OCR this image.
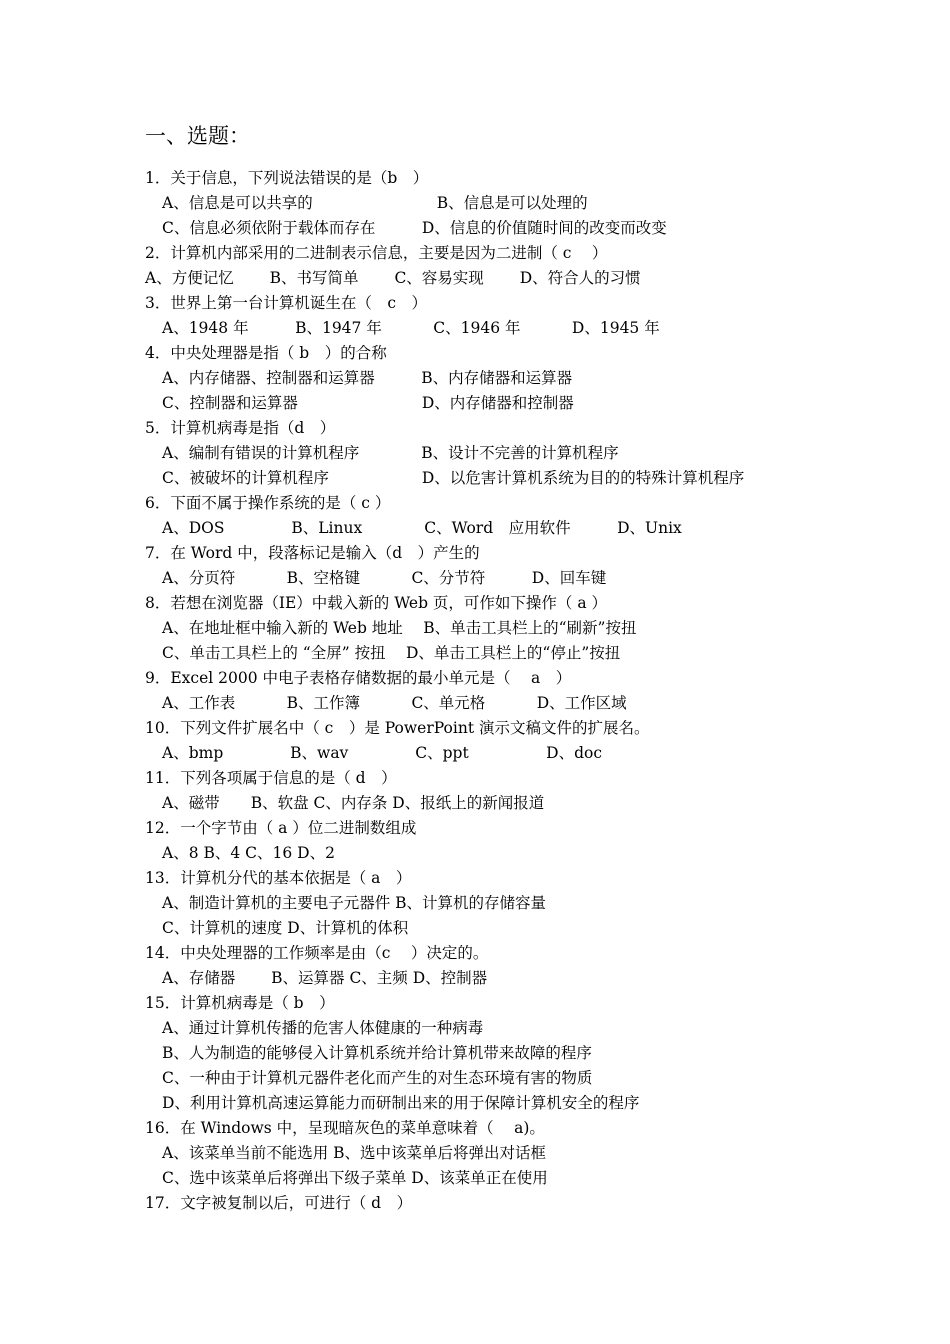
一、选题：
1．关于信息，下列说法错误的是（b　）
A、信息是可以共享的　　　　　　　　B、信息是可以处理的
C、信息必须依附于载体而存在　　　D、信息的价值随时间的改变而改变
2．计算机内部采用的二进制表示信息，主要是因为二进制（ c　 ）
A、方便记忆　　 B、书写简单　　 C、容易实现　　 D、符合人的习惯
3．世界上第一台计算机诞生在（　c　）
A、1948 年　　　B、1947 年　　　 C、1946 年　　　 D、1945 年
4．中央处理器是指（ b　）的合称
A、内存储器、控制器和运算器　　　B、内存储器和运算器
C、控制器和运算器　　　　　　　　D、内存储器和控制器
5．计算机病毒是指（d　）
A、编制有错误的计算机程序　　　　B、设计不完善的计算机程序
C、被破坏的计算机程序　　　　　　D、以危害计算机系统为目的的特殊计算机程序
6．下面不属于操作系统的是（ c ）
A、DOS　　　　 B、Linux　　　　C、Word　应用软件　　　D、Unix
7．在 Word 中，段落标记是输入（d　）产生的
A、分页符　　　 B、空格键　　　 C、分节符　　　D、回车键
8．若想在浏览器（IE）中载入新的 Web 页，可作如下操作（ a ）
A、在地址框中输入新的 Web 地址　 B、单击工具栏上的“刷新”按扭
C、单击工具栏上的 “全屏” 按扭　 D、单击工具栏上的“停止”按扭
9．Excel 2000 中电子表格存储数据的最小单元是（　 a　）
A、工作表　　　 B、工作簿　　　 C、单元格　　　 D、工作区域
10．下列文件扩展名中（ c　）是 PowerPoint 演示文稿文件的扩展名。
A、bmp　　　　 B、wav　　　　 C、ppt　　　　　D、doc
11．下列各项属于信息的是（ d　）
A、磁带　　B、软盘 C、内存条 D、报纸上的新闻报道
12．一个字节由（ a ）位二进制数组成
A、8 B、4 C、16 D、2
13．计算机分代的基本依据是（ a　）
A、制造计算机的主要电子元器件 B、计算机的存储容量
C、计算机的速度 D、计算机的体积
14．中央处理器的工作频率是由（c　 ）决定的。
A、存储器　　 B、运算器 C、主频 D、控制器
15．计算机病毒是（ b　）
A、通过计算机传播的危害人体健康的一种病毒
B、人为制造的能够侵入计算机系统并给计算机带来故障的程序
C、一种由于计算机元器件老化而产生的对生态环境有害的物质
D、利用计算机高速运算能力而研制出来的用于保障计算机安全的程序
16．在 Windows 中，呈现暗灰色的菜单意味着（　 a)。
A、该菜单当前不能选用 B、选中该菜单后将弹出对话框
C、选中该菜单后将弹出下级子菜单 D、该菜单正在使用
17．文字被复制以后，可进行（ d　）
